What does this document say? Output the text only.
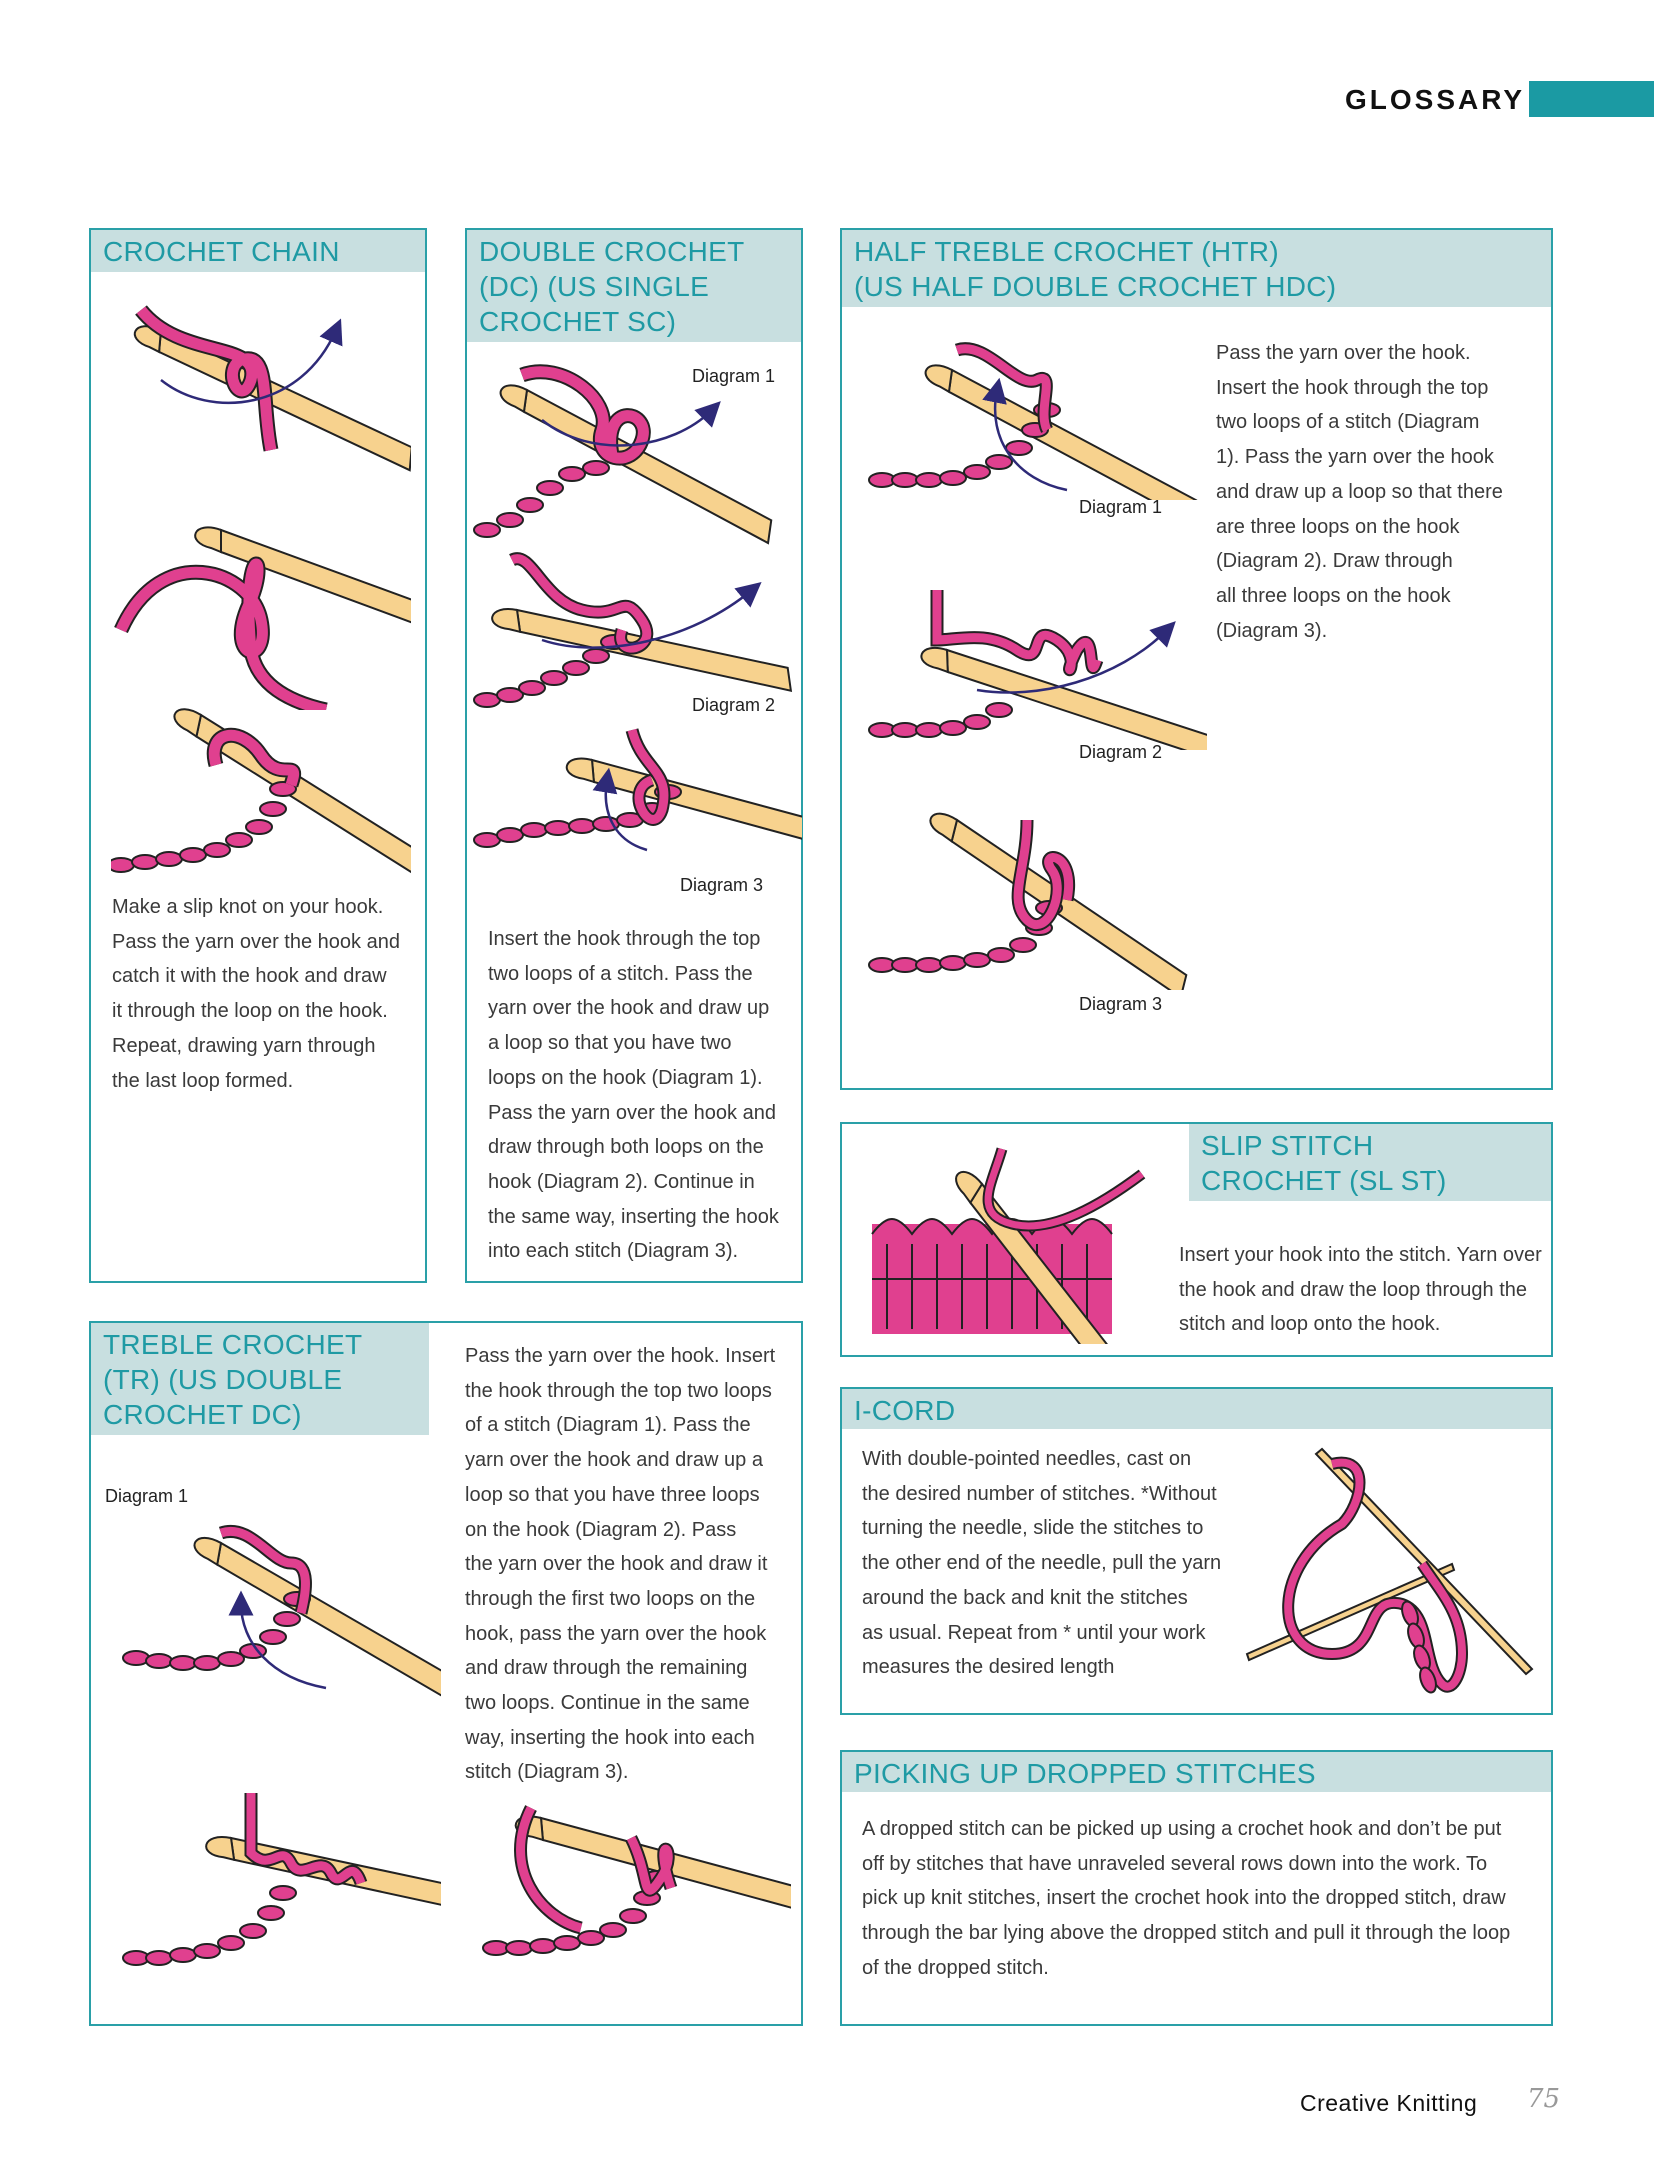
GLOSSARY
CROCHET CHAIN
Make a slip knot on your hook.
Pass the yarn over the hook and
catch it with the hook and draw
it through the loop on the hook.
Repeat, drawing yarn through
the last loop formed.
DOUBLE CROCHET
(DC) (US SINGLE
CROCHET SC)
Diagram 1
Diagram 2
Diagram 3
Insert the hook through the top
two loops of a stitch. Pass the
yarn over the hook and draw up
a loop so that you have two
loops on the hook (Diagram 1).
Pass the yarn over the hook and
draw through both loops on the
hook (Diagram 2). Continue in
the same way, inserting the hook
into each stitch (Diagram 3).
HALF TREBLE CROCHET (HTR)
(US HALF DOUBLE CROCHET HDC)
Diagram 1
Diagram 2
Diagram 3
Pass the yarn over the hook.
Insert the hook through the top
two loops of a stitch (Diagram
1). Pass the yarn over the hook
and draw up a loop so that there
are three loops on the hook
(Diagram 2). Draw through
all three loops on the hook
(Diagram 3).
SLIP STITCH
CROCHET (SL ST)
Insert your hook into the stitch. Yarn over
the hook and draw the loop through the
stitch and loop onto the hook.
TREBLE CROCHET
(TR) (US DOUBLE
CROCHET DC)
Diagram 1
Pass the yarn over the hook. Insert
the hook through the top two loops
of a stitch (Diagram 1). Pass the
yarn over the hook and draw up a
loop so that you have three loops
on the hook (Diagram 2). Pass
the yarn over the hook and draw it
through the first two loops on the
hook, pass the yarn over the hook
and draw through the remaining
two loops. Continue in the same
way, inserting the hook into each
stitch (Diagram 3).
I-CORD
With double-pointed needles, cast on
the desired number of stitches. *Without
turning the needle, slide the stitches to
the other end of the needle, pull the yarn
around the back and knit the stitches
as usual. Repeat from * until your work
measures the desired length
PICKING UP DROPPED STITCHES
A dropped stitch can be picked up using a crochet hook and don’t be put
off by stitches that have unraveled several rows down into the work. To
pick up knit stitches, insert the crochet hook into the dropped stitch, draw
through the bar lying above the dropped stitch and pull it through the loop
of the dropped stitch.
Creative Knitting 75
